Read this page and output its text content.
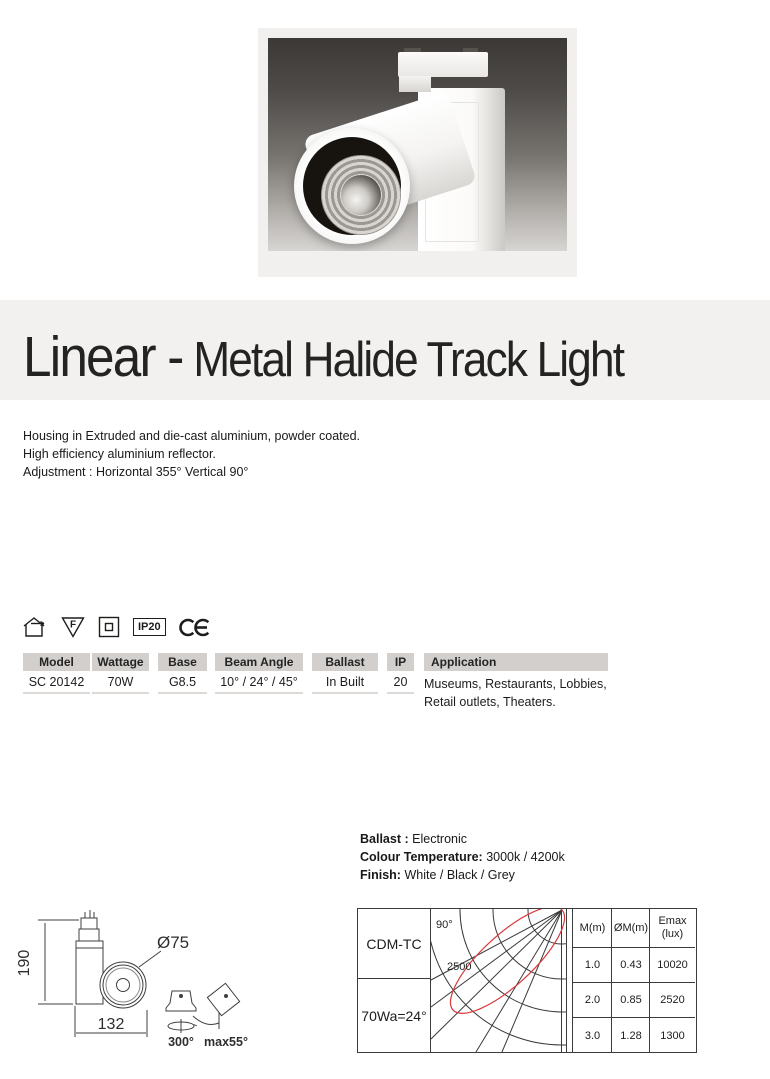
Linear - Metal Halide Track Light
Housing in Extruded and die-cast aluminium, powder coated.
High efficiency aluminium reflector.
Adjustment : Horizontal 355° Vertical 90°
F	IP20
Model
SC 20142
Wattage
70W
Base
G8.5
Beam Angle
10° / 24° / 45°
Ballast
In Built
IP
20
Application
Museums, Restaurants, Lobbies,
Retail outlets, Theaters.
Ballast : Electronic
Colour Temperature: 3000k / 4200k
Finish: White / Black / Grey
190
132
Ø75
300° max55°
CDM-TC
70Wa=24°
90°
2500
M(m)
1.0
2.0
3.0
ØM(m)
0.43
0.85
1.28
Emax
(lux)
10020
2520
1300
